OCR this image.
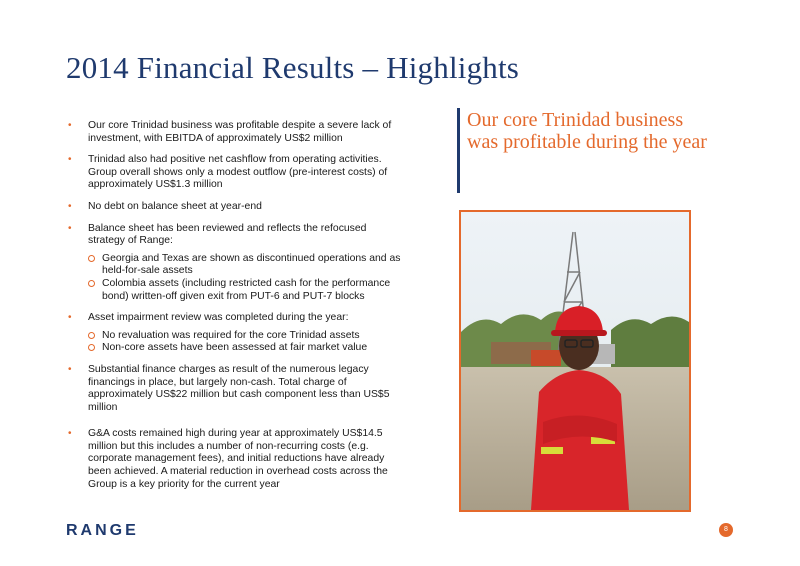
2014 Financial Results – Highlights
• Our core Trinidad business was profitable despite a severe lack of investment, with EBITDA of approximately US$2 million
• Trinidad also had positive net cashflow from operating activities. Group overall shows only a modest outflow (pre-interest costs) of approximately US$1.3 million
• No debt on balance sheet at year-end
• Balance sheet has been reviewed and reflects the refocused strategy of Range:
Georgia and Texas are shown as discontinued operations and as held-for-sale assets
Colombia assets (including restricted cash for the performance bond) written-off given exit from PUT-6 and PUT-7 blocks
• Asset impairment review was completed during the year:
No revaluation was required for the core Trinidad assets
Non-core assets have been assessed at fair market value
• Substantial finance charges as result of the numerous legacy financings in place, but largely non-cash. Total charge of approximately US$22 million but cash component less than US$5 million
• G&A costs remained high during year at approximately US$14.5 million but this includes a number of non-recurring costs (e.g. corporate management fees), and initial reductions have already been achieved. A material reduction in overhead costs across the Group is a key priority for the current year
Our core Trinidad business was profitable during the year
RANGE	8
